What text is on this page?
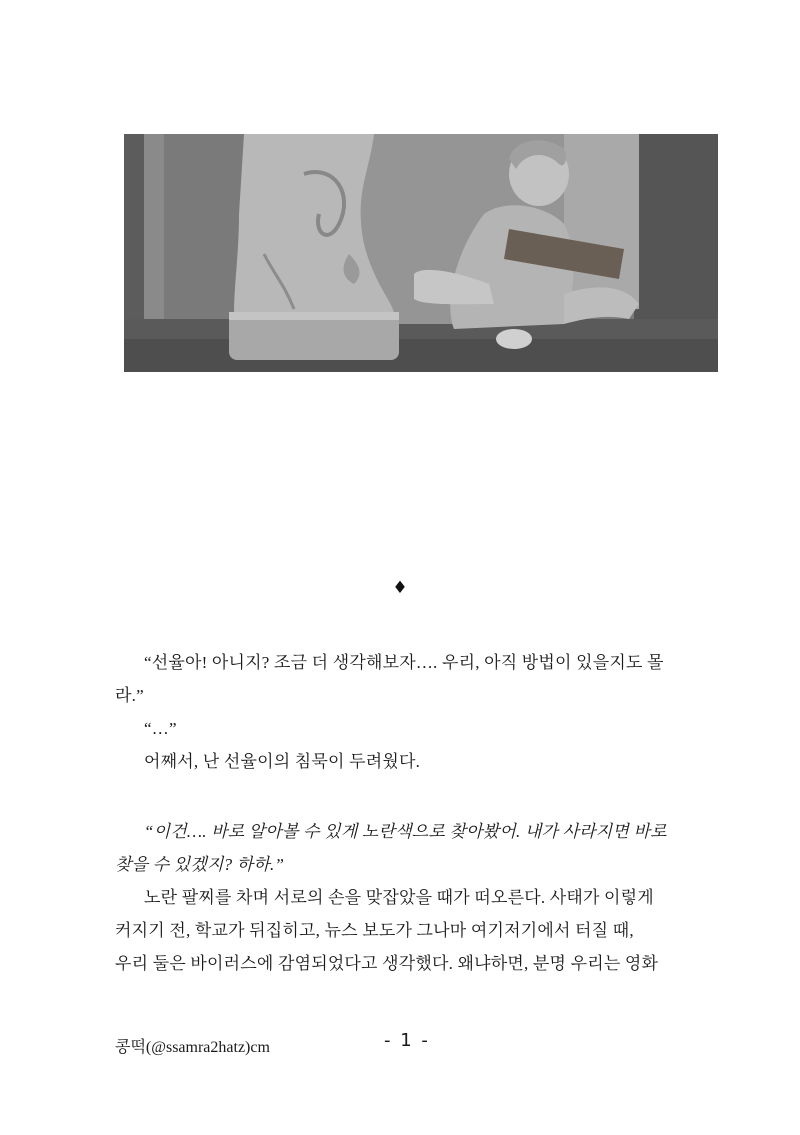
♦
“선율아! 아니지? 조금 더 생각해보자…. 우리, 아직 방법이 있을지도 몰
라.”
“…”
어째서, 난 선율이의 침묵이 두려웠다.
“이건…. 바로 알아볼 수 있게 노란색으로 찾아봤어. 내가 사라지면 바로
찾을 수 있겠지? 하하.”
노란 팔찌를 차며 서로의 손을 맞잡았을 때가 떠오른다. 사태가 이렇게
커지기 전, 학교가 뒤집히고, 뉴스 보도가 그나마 여기저기에서 터질 때,
우리 둘은 바이러스에 감염되었다고 생각했다. 왜냐하면, 분명 우리는 영화
콩떡(@ssamra2hatz)cm	- 1 -
